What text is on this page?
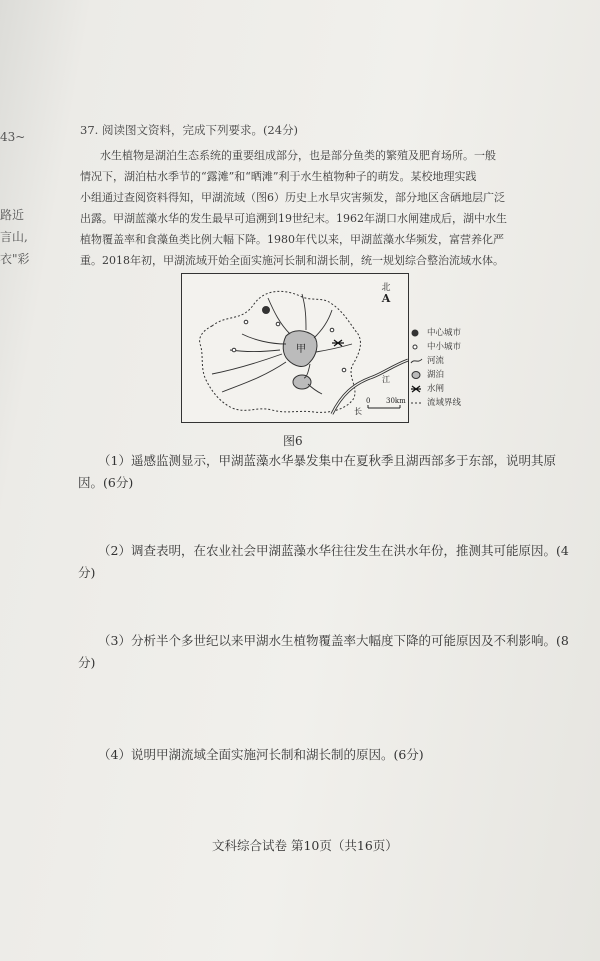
43~
路近
言山,
衣"彩
37. 阅读图文资料，完成下列要求。(24分)
水生植物是湖泊生态系统的重要组成部分，也是部分鱼类的繁殖及肥育场所。一般
情况下，湖泊枯水季节的“露滩”和“晒滩”利于水生植物种子的萌发。某校地理实践
小组通过查阅资料得知，甲湖流域（图6）历史上水旱灾害频发，部分地区含硒地层广泛
出露。甲湖蓝藻水华的发生最早可追溯到19世纪末。1962年湖口水闸建成后，湖中水生
植物覆盖率和食藻鱼类比例大幅下降。1980年代以来，甲湖蓝藻水华频发，富营养化严
重。2018年初，甲湖流域开始全面实施河长制和湖长制，统一规划综合整治流域水体。
北
A
甲
长
江
0 30km
中心城市
中小城市
河流
湖泊
水闸
流域界线
图6
（1）遥感监测显示，甲湖蓝藻水华暴发集中在夏秋季且湖西部多于东部，说明其原
因。(6分)
（2）调查表明，在农业社会甲湖蓝藻水华往往发生在洪水年份，推测其可能原因。(4
分)
（3）分析半个多世纪以来甲湖水生植物覆盖率大幅度下降的可能原因及不利影响。(8
分)
（4）说明甲湖流域全面实施河长制和湖长制的原因。(6分)
文科综合试卷 第10页（共16页）
